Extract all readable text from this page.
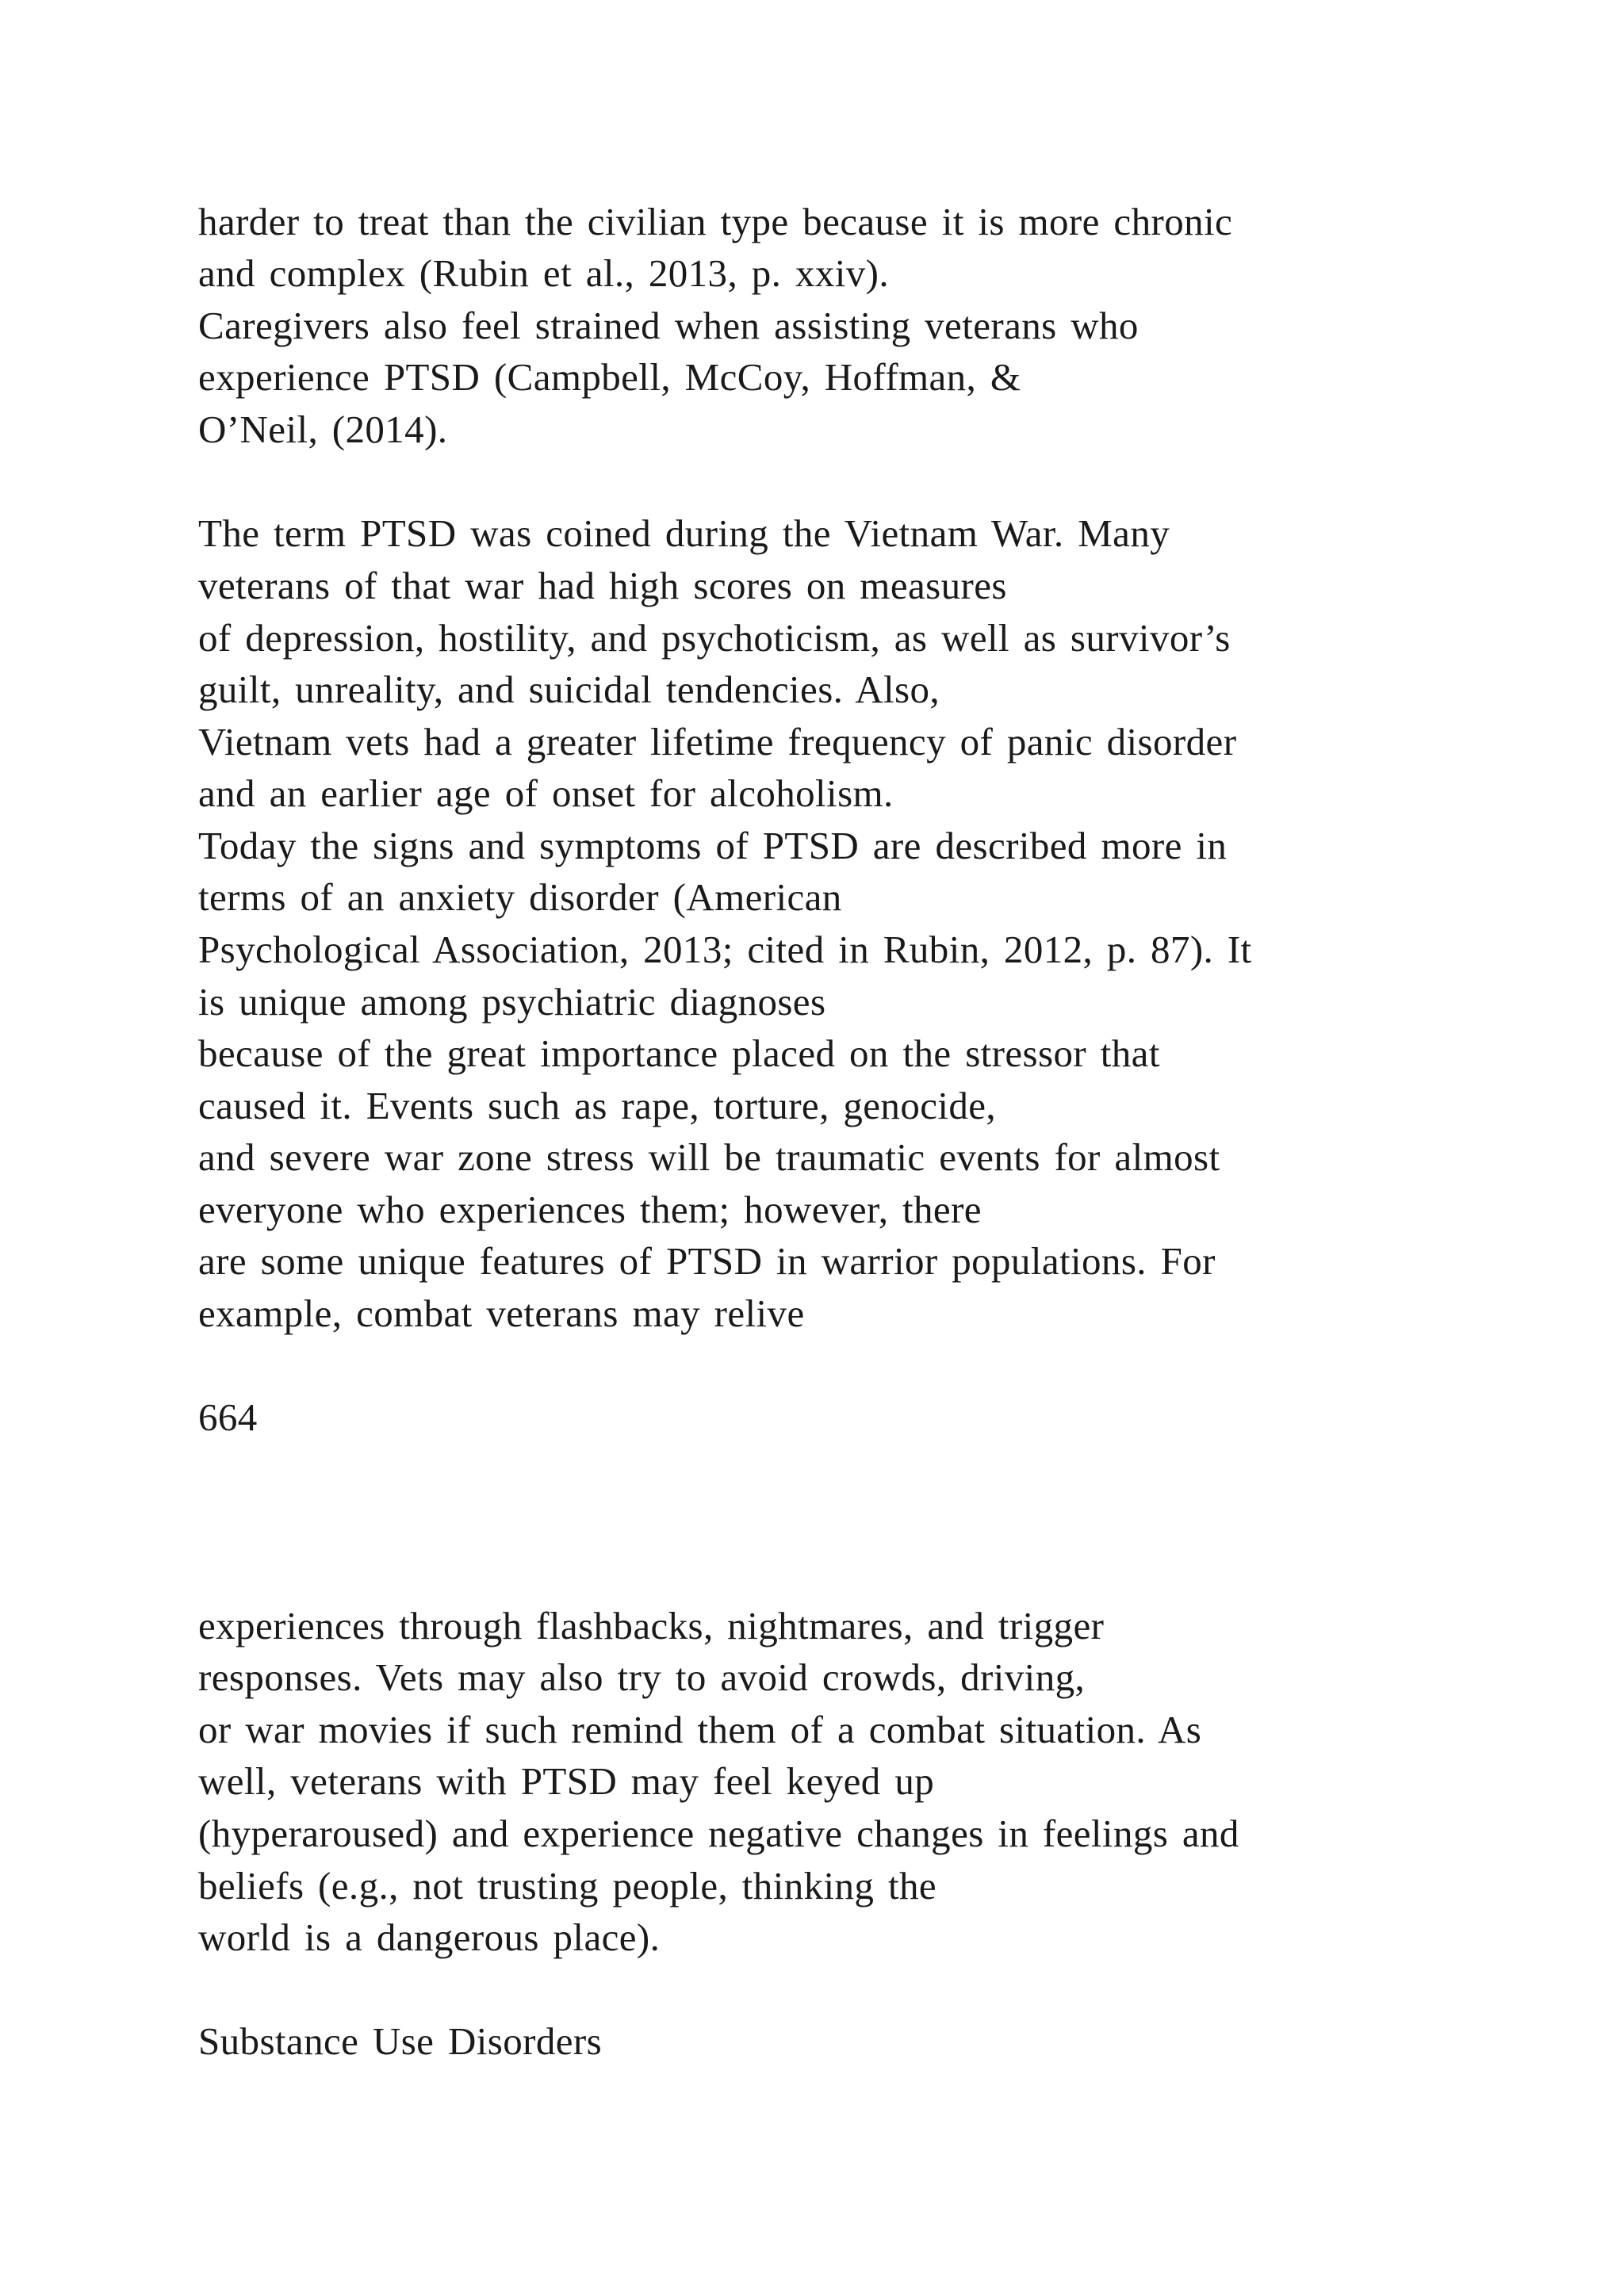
harder to treat than the civilian type because it is more chronic
and complex (Rubin et al., 2013, p. xxiv).
Caregivers also feel strained when assisting veterans who
experience PTSD (Campbell, McCoy, Hoffman, &
O’Neil, (2014).
The term PTSD was coined during the Vietnam War. Many
veterans of that war had high scores on measures
of depression, hostility, and psychoticism, as well as survivor’s
guilt, unreality, and suicidal tendencies. Also,
Vietnam vets had a greater lifetime frequency of panic disorder
and an earlier age of onset for alcoholism.
Today the signs and symptoms of PTSD are described more in
terms of an anxiety disorder (American
Psychological Association, 2013; cited in Rubin, 2012, p. 87). It
is unique among psychiatric diagnoses
because of the great importance placed on the stressor that
caused it. Events such as rape, torture, genocide,
and severe war zone stress will be traumatic events for almost
everyone who experiences them; however, there
are some unique features of PTSD in warrior populations. For
example, combat veterans may relive
664
experiences through flashbacks, nightmares, and trigger
responses. Vets may also try to avoid crowds, driving,
or war movies if such remind them of a combat situation. As
well, veterans with PTSD may feel keyed up
(hyperaroused) and experience negative changes in feelings and
beliefs (e.g., not trusting people, thinking the
world is a dangerous place).
Substance Use Disorders
